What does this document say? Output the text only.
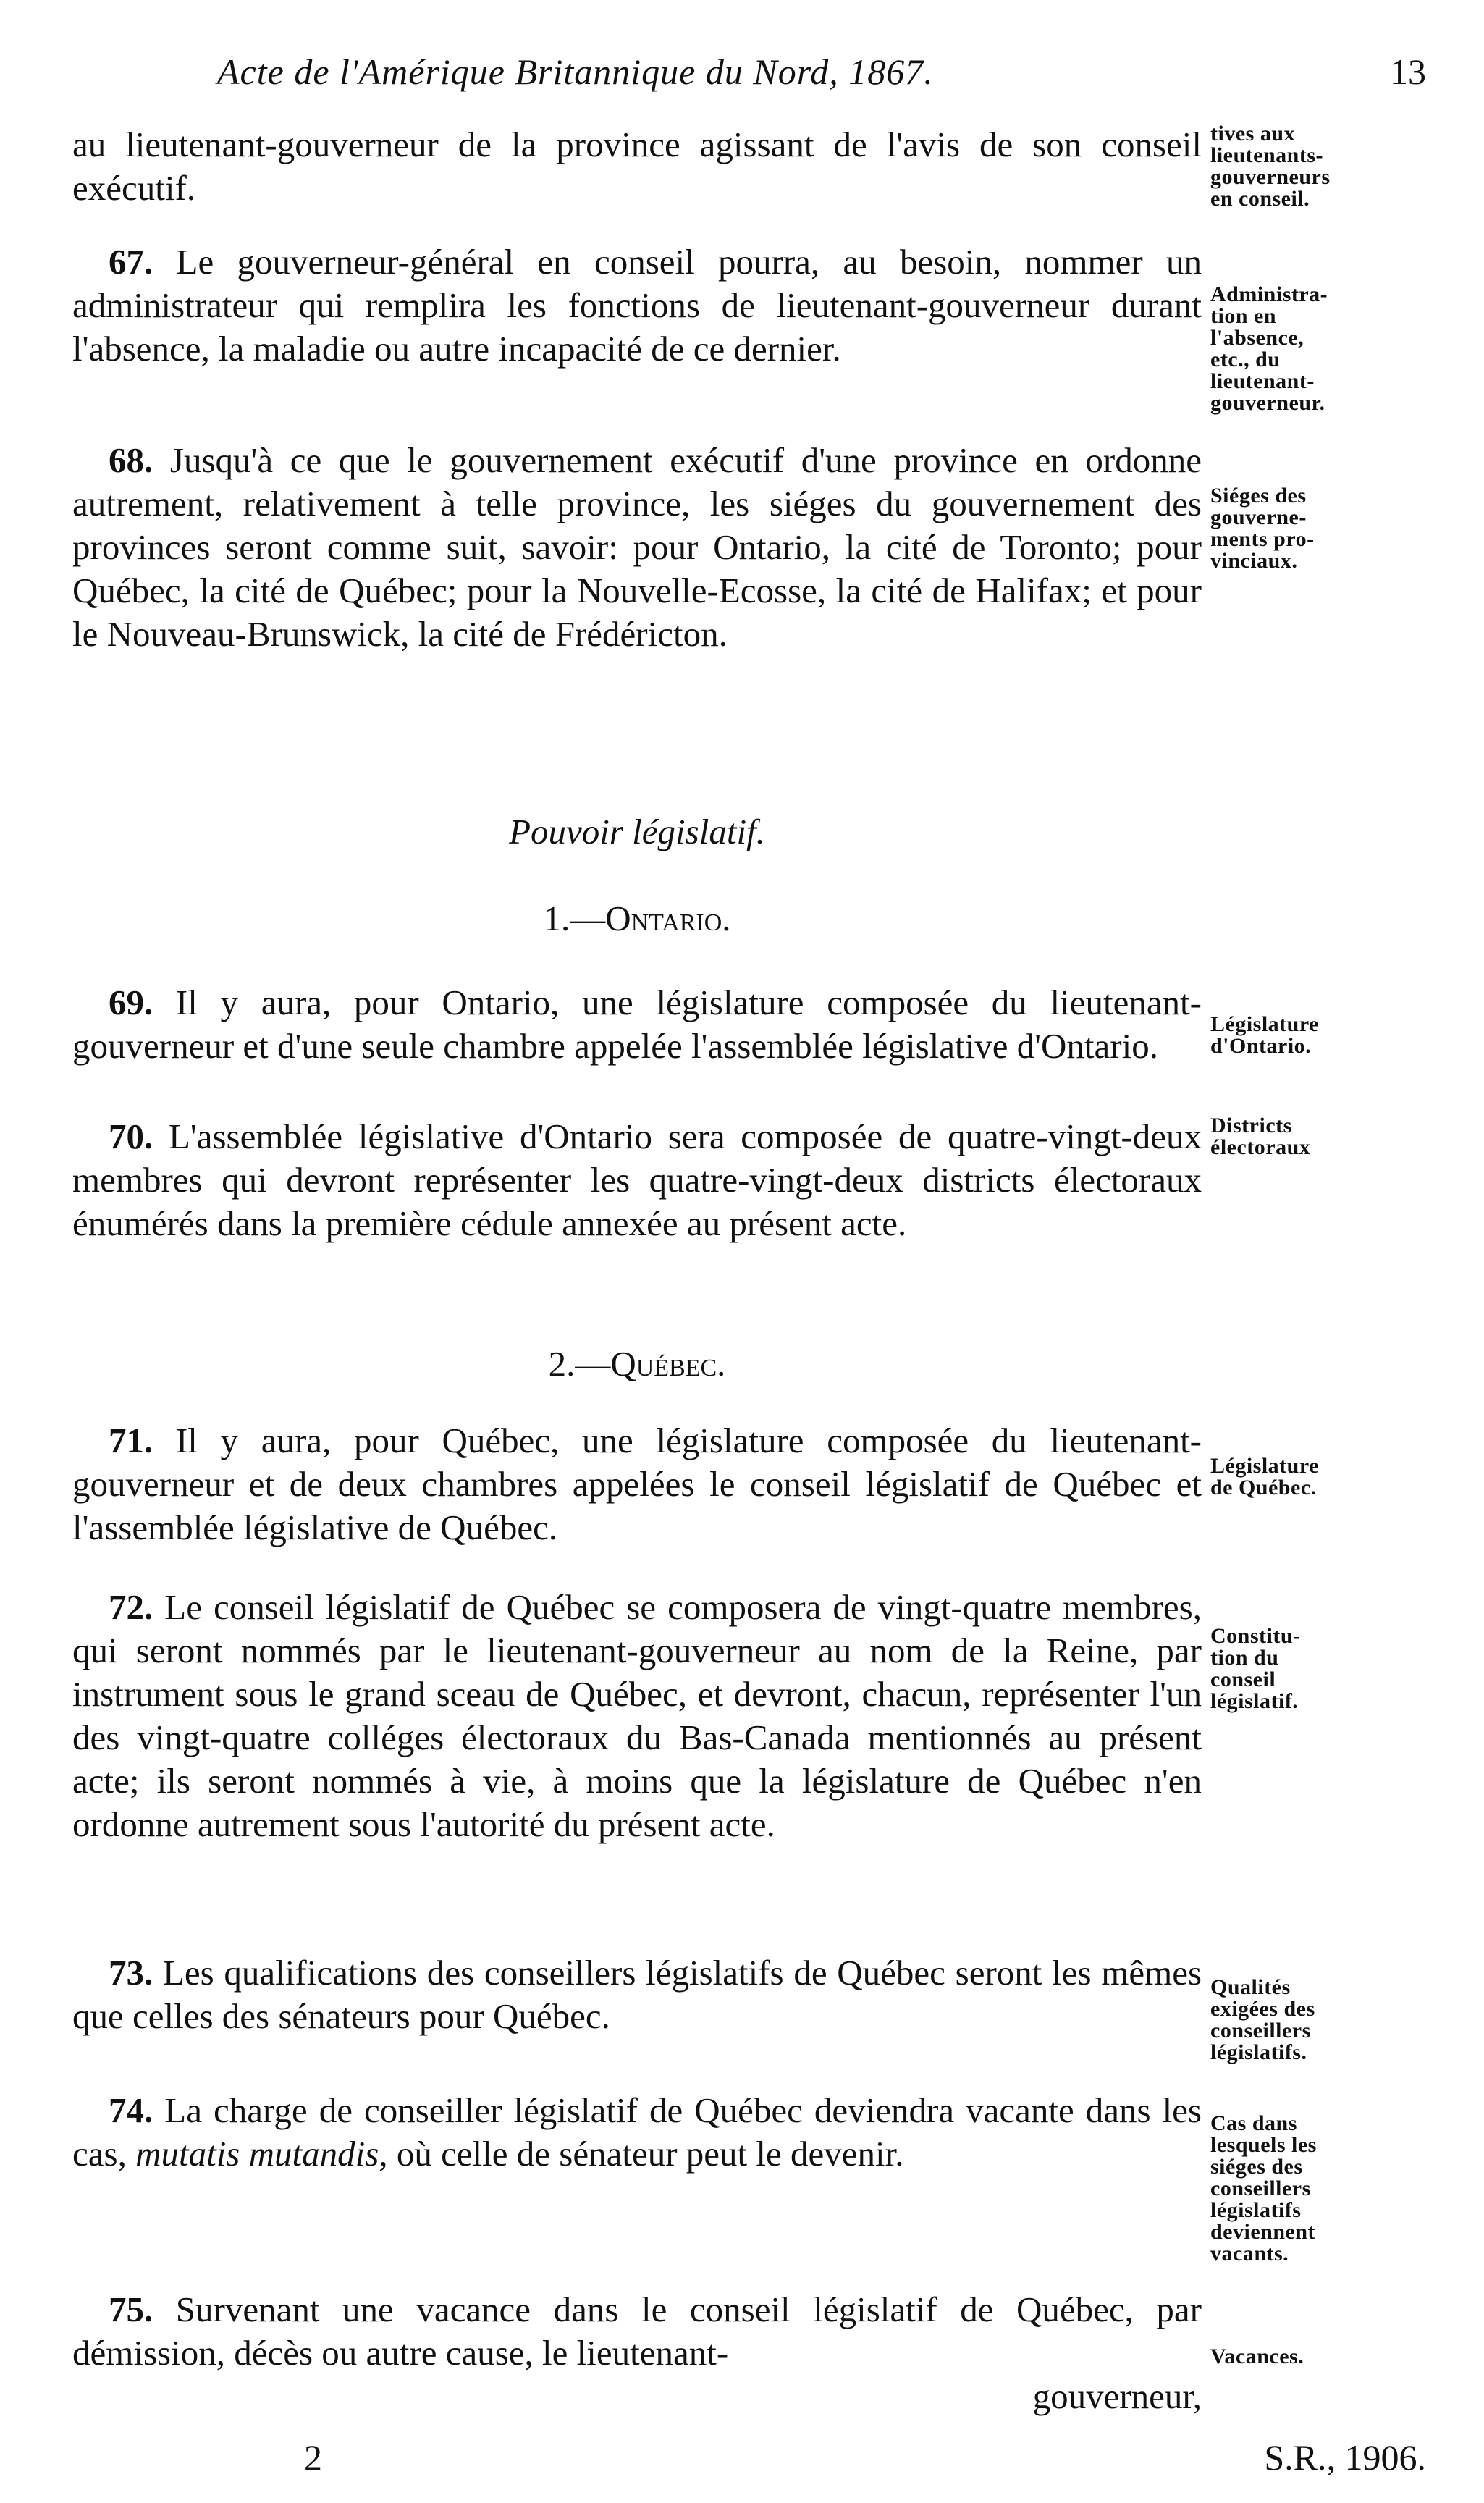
Acte de l'Amérique Britannique du Nord, 1867.	13

au lieutenant-gouverneur de la province agissant de l'avis de son conseil exécutif.

67. Le gouverneur-général en conseil pourra, au besoin, nommer un administrateur qui remplira les fonctions de lieutenant-gouverneur durant l'absence, la maladie ou autre incapacité de ce dernier.

68. Jusqu'à ce que le gouvernement exécutif d'une province en ordonne autrement, relativement à telle province, les siéges du gouvernement des provinces seront comme suit, savoir: pour Ontario, la cité de Toronto; pour Québec, la cité de Québec; pour la Nouvelle-Ecosse, la cité de Halifax; et pour le Nouveau-Brunswick, la cité de Frédéricton.

Pouvoir législatif.
1.—Ontario.

69. Il y aura, pour Ontario, une législature composée du lieutenant-gouverneur et d'une seule chambre appelée l'assemblée législative d'Ontario.

70. L'assemblée législative d'Ontario sera composée de quatre-vingt-deux membres qui devront représenter les quatre-vingt-deux districts électoraux énumérés dans la première cédule annexée au présent acte.

2.—Québec.

71. Il y aura, pour Québec, une législature composée du lieutenant-gouverneur et de deux chambres appelées le conseil législatif de Québec et l'assemblée législative de Québec.

72. Le conseil législatif de Québec se composera de vingt-quatre membres, qui seront nommés par le lieutenant-gouverneur au nom de la Reine, par instrument sous le grand sceau de Québec, et devront, chacun, représenter l'un des vingt-quatre colléges électoraux du Bas-Canada mentionnés au présent acte; ils seront nommés à vie, à moins que la législature de Québec n'en ordonne autrement sous l'autorité du présent acte.

73. Les qualifications des conseillers législatifs de Québec seront les mêmes que celles des sénateurs pour Québec.

74. La charge de conseiller législatif de Québec deviendra vacante dans les cas, mutatis mutandis, où celle de sénateur peut le devenir.

75. Survenant une vacance dans le conseil législatif de Québec, par démission, décès ou autre cause, le lieutenant-

gouverneur,

tives aux
lieutenants-
gouverneurs
en conseil.
Administra-
tion en
l'absence,
etc., du
lieutenant-
gouverneur.
Siéges des
gouverne-
ments pro-
vinciaux.
Législature
d'Ontario.
Districts
électoraux
Législature
de Québec.
Constitu-
tion du
conseil
législatif.
Qualités
exigées des
conseillers
législatifs.
Cas dans
lesquels les
siéges des
conseillers
législatifs
deviennent
vacants.
Vacances.
2	S.R., 1906.
